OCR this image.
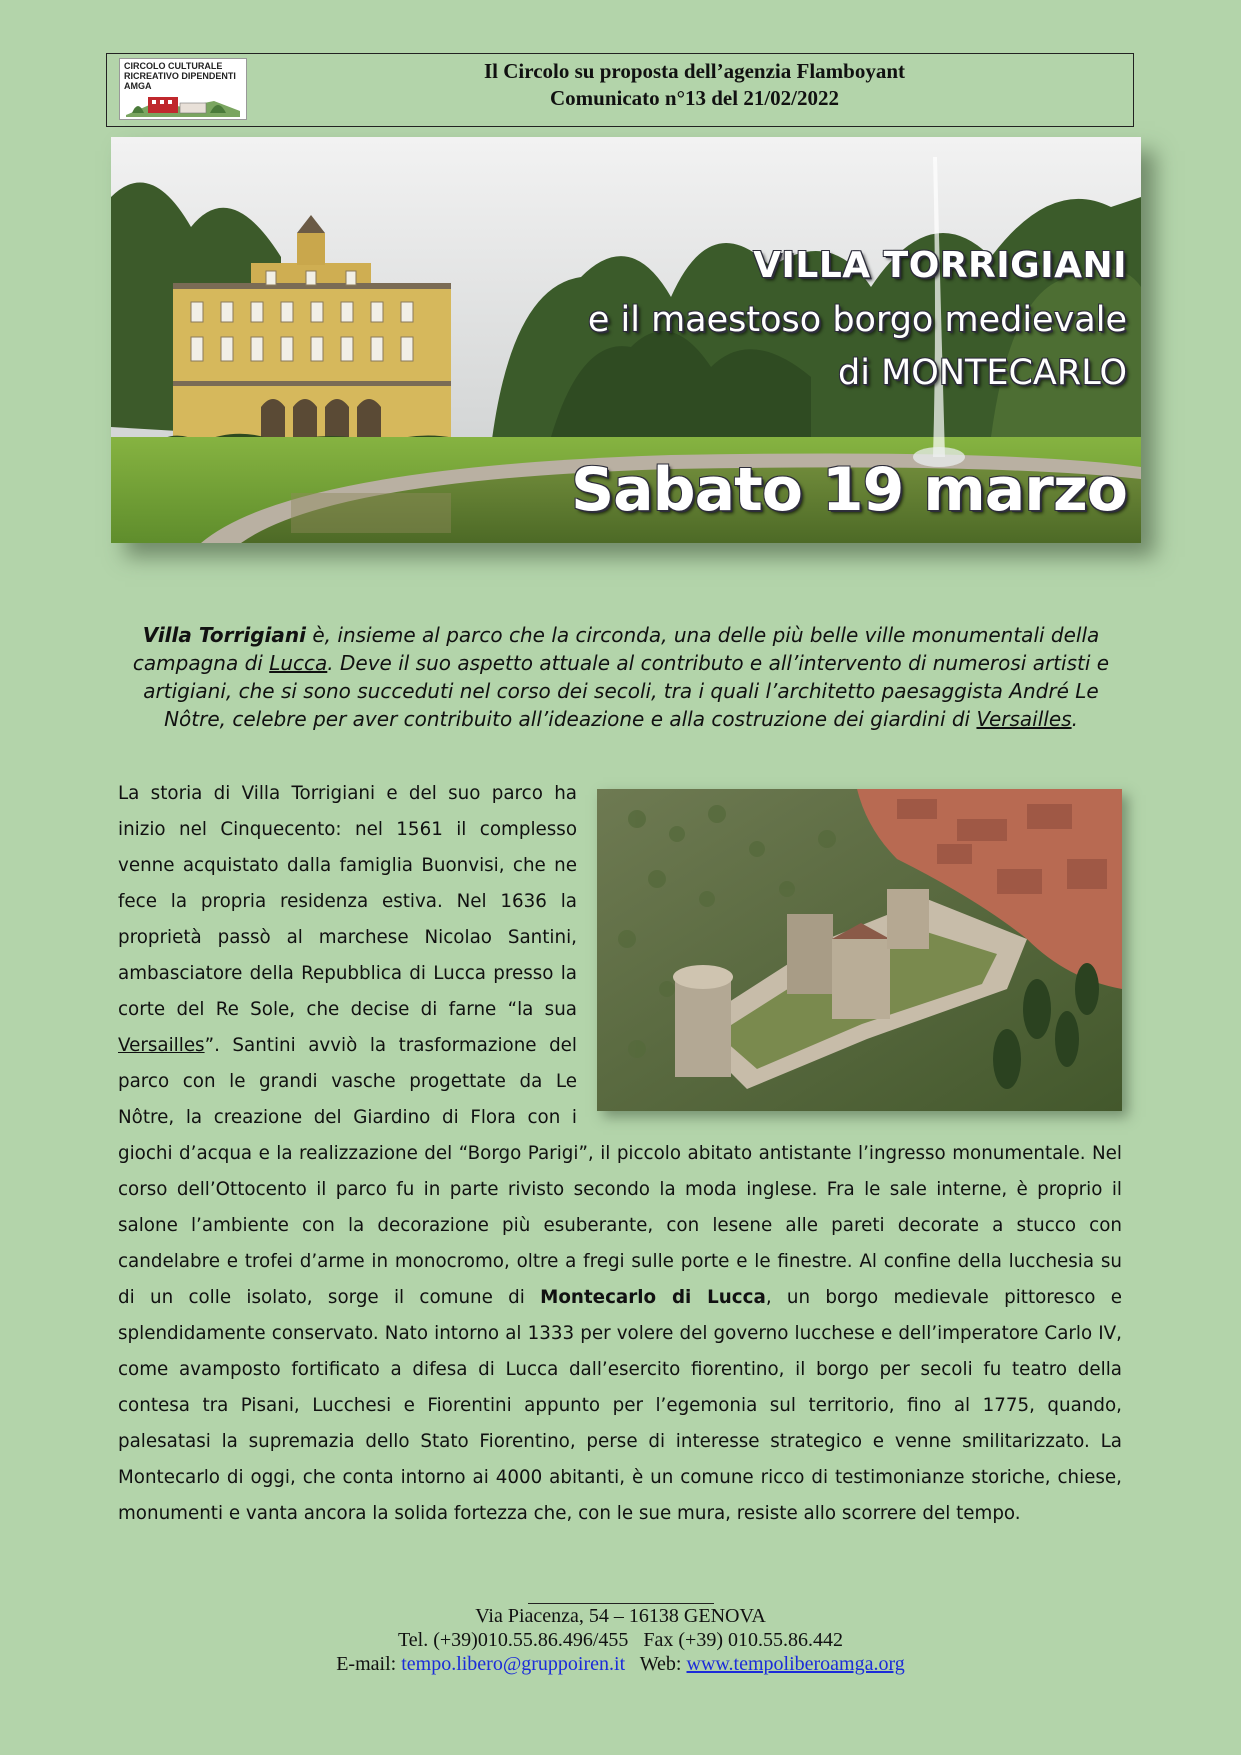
CIRCOLO CULTURALE
RICREATIVO DIPENDENTI
AMGA
Il Circolo su proposta dell’agenzia Flamboyant
Comunicato n°13 del 21/02/2022
VILLA TORRIGIANI
e il maestoso borgo medievale
di MONTECARLO
Sabato 19 marzo
Villa Torrigiani è, insieme al parco che la circonda, una delle più belle ville monumentali della campagna di Lucca. Deve il suo aspetto attuale al contributo e all’intervento di numerosi artisti e artigiani, che si sono succeduti nel corso dei secoli, tra i quali l’architetto paesaggista André Le Nôtre, celebre per aver contribuito all’ideazione e alla costruzione dei giardini di Versailles.
La storia di Villa Torrigiani e del suo parco ha inizio nel Cinquecento: nel 1561 il complesso venne acquistato dalla famiglia Buonvisi, che ne fece la propria residenza estiva. Nel 1636 la proprietà passò al marchese Nicolao Santini, ambasciatore della Repubblica di Lucca presso la corte del Re Sole, che decise di farne “la sua Versailles”. Santini avviò la trasformazione del parco con le grandi vasche progettate da Le Nôtre, la creazione del Giardino di Flora con i giochi d’acqua e la realizzazione del “Borgo Parigi”, il piccolo abitato antistante l’ingresso monumentale. Nel corso dell’Ottocento il parco fu in parte rivisto secondo la moda inglese. Fra le sale interne, è proprio il salone l’ambiente con la decorazione più esuberante, con lesene alle pareti decorate a stucco con candelabre e trofei d’arme in monocromo, oltre a fregi sulle porte e le finestre. Al confine della lucchesia su di un colle isolato, sorge il comune di Montecarlo di Lucca, un borgo medievale pittoresco e splendidamente conservato. Nato intorno al 1333 per volere del governo lucchese e dell’imperatore Carlo IV, come avamposto fortificato a difesa di Lucca dall’esercito fiorentino, il borgo per secoli fu teatro della contesa tra Pisani, Lucchesi e Fiorentini appunto per l’egemonia sul territorio, fino al 1775, quando, palesatasi la supremazia dello Stato Fiorentino, perse di interesse strategico e venne smilitarizzato. La Montecarlo di oggi, che conta intorno ai 4000 abitanti, è un comune ricco di testimonianze storiche, chiese, monumenti e vanta ancora la solida fortezza che, con le sue mura, resiste allo scorrere del tempo.
Via Piacenza, 54 – 16138 GENOVA
Tel. (+39)010.55.86.496/455   Fax (+39) 010.55.86.442
E-mail: tempo.libero@gruppoiren.it   Web: www.tempoliberoamga.org
